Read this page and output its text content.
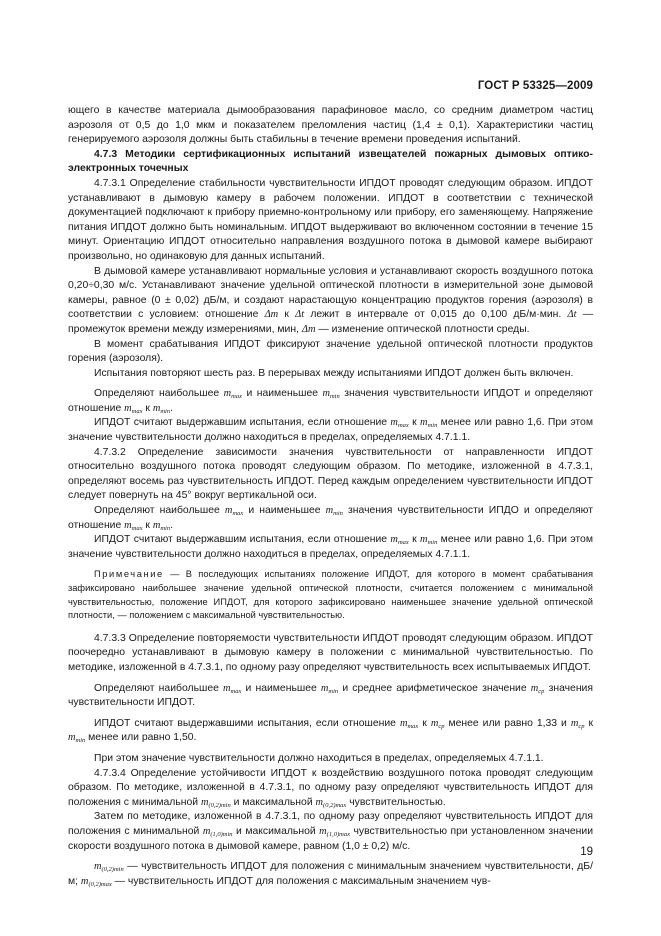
ГОСТ Р 53325—2009

ющего в качестве материала дымообразования парафиновое масло, со средним диаметром частиц аэрозоля от 0,5 до 1,0 мкм и показателем преломления частиц (1,4 ± 0,1). Характеристики частиц генерируемого аэрозоля должны быть стабильны в течение времени проведения испытаний.

4.7.3 Методики сертификационных испытаний извещателей пожарных дымовых оптико-электронных точечных

4.7.3.1 Определение стабильности чувствительности ИПДОТ проводят следующим образом. ИПДОТ устанавливают в дымовую камеру в рабочем положении. ИПДОТ в соответствии с технической документацией подключают к прибору приемно-контрольному или прибору, его заменяющему. Напряжение питания ИПДОТ должно быть номинальным. ИПДОТ выдерживают во включенном состоянии в течение 15 минут. Ориентацию ИПДОТ относительно направления воздушного потока в дымовой камере выбирают произвольно, но одинаковую для данных испытаний.

В дымовой камере устанавливают нормальные условия и устанавливают скорость воздушного потока 0,20÷0,30 м/с. Устанавливают значение удельной оптической плотности в измерительной зоне дымовой камеры, равное (0 ± 0,02) дБ/м, и создают нарастающую концентрацию продуктов горения (аэрозоля) в соответствии с условием: отношение Δm к Δt лежит в интервале от 0,015 до 0,100 дБ/м·мин. Δt — промежуток времени между измерениями, мин, Δm — изменение оптической плотности среды.

В момент срабатывания ИПДОТ фиксируют значение удельной оптической плотности продуктов горения (аэрозоля).

Испытания повторяют шесть раз. В перерывах между испытаниями ИПДОТ должен быть включен.

Определяют наибольшее $m_{max}$ и наименьшее $m_{min}$ значения чувствительности ИПДОТ и определяют отношение $m_{max}$ к $m_{min}$.

ИПДОТ считают выдержавшим испытания, если отношение $m_{max}$ к $m_{min}$ менее или равно 1,6. При этом значение чувствительности должно находиться в пределах, определяемых 4.7.1.1.

4.7.3.2 Определение зависимости значения чувствительности от направленности ИПДОТ относительно воздушного потока проводят следующим образом. По методике, изложенной в 4.7.3.1, определяют восемь раз чувствительность ИПДОТ. Перед каждым определением чувствительности ИПДОТ следует повернуть на 45° вокруг вертикальной оси.

Определяют наибольшее $m_{max}$ и наименьшее $m_{min}$ значения чувствительности ИПДО и определяют отношение $m_{max}$ к $m_{min}$.

ИПДОТ считают выдержавшим испытания, если отношение $m_{max}$ к $m_{min}$ менее или равно 1,6. При этом значение чувствительности должно находиться в пределах, определяемых 4.7.1.1.

Примечание — В последующих испытаниях положение ИПДОТ, для которого в момент срабатывания зафиксировано наибольшее значение удельной оптической плотности, считается положением с минимальной чувствительностью, положение ИПДОТ, для которого зафиксировано наименьшее значение удельной оптической плотности, — положением с максимальной чувствительностью.

4.7.3.3 Определение повторяемости чувствительности ИПДОТ проводят следующим образом. ИПДОТ поочередно устанавливают в дымовую камеру в положении с минимальной чувствительностью. По методике, изложенной в 4.7.3.1, по одному разу определяют чувствительность всех испытываемых ИПДОТ.

Определяют наибольшее $m_{max}$ и наименьшее $m_{min}$ и среднее арифметическое значение $m_{ср}$ значения чувствительности ИПДОТ.

ИПДОТ считают выдержавшими испытания, если отношение $m_{max}$ к $m_{ср}$ менее или равно 1,33 и $m_{ср}$ к $m_{min}$ менее или равно 1,50.

При этом значение чувствительности должно находиться в пределах, определяемых 4.7.1.1.

4.7.3.4 Определение устойчивости ИПДОТ к воздействию воздушного потока проводят следующим образом. По методике, изложенной в 4.7.3.1, по одному разу определяют чувствительность ИПДОТ для положения с минимальной $m_{(0,2)min}$ и максимальной $m_{(0,2)max}$ чувствительностью.

Затем по методике, изложенной в 4.7.3.1, по одному разу определяют чувствительность ИПДОТ для положения с минимальной $m_{(1,0)min}$ и максимальной $m_{(1,0)max}$ чувствительностью при установленном значении скорости воздушного потока в дымовой камере, равном (1,0 ± 0,2) м/с.

$m_{(0,2)min}$ — чувствительность ИПДОТ для положения с минимальным значением чувствительности, дБ/м; $m_{(0,2)max}$ — чувствительность ИПДОТ для положения с максимальным значением чув-

19
